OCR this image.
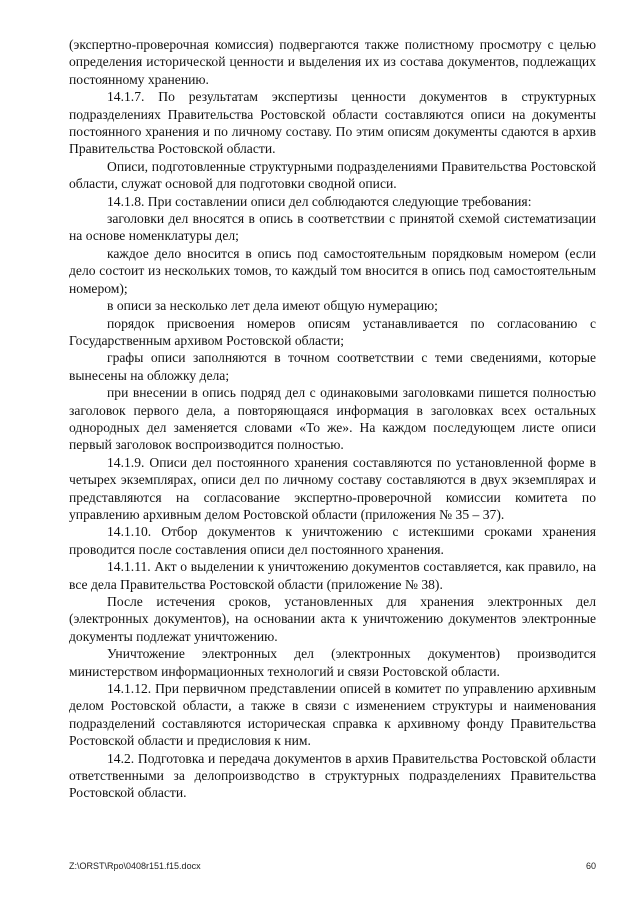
(экспертно-проверочная комиссия) подвергаются также полистному просмотру с целью определения исторической ценности и выделения их из состава документов, подлежащих постоянному хранению.

14.1.7. По результатам экспертизы ценности документов в структурных подразделениях Правительства Ростовской области составляются описи на документы постоянного хранения и по личному составу. По этим описям документы сдаются в архив Правительства Ростовской области.

Описи, подготовленные структурными подразделениями Правительства Ростовской области, служат основой для подготовки сводной описи.

14.1.8. При составлении описи дел соблюдаются следующие требования:

заголовки дел вносятся в опись в соответствии с принятой схемой систематизации на основе номенклатуры дел;

каждое дело вносится в опись под самостоятельным порядковым номером (если дело состоит из нескольких томов, то каждый том вносится в опись под самостоятельным номером);

в описи за несколько лет дела имеют общую нумерацию;

порядок присвоения номеров описям устанавливается по согласованию с Государственным архивом Ростовской области;

графы описи заполняются в точном соответствии с теми сведениями, которые вынесены на обложку дела;

при внесении в опись подряд дел с одинаковыми заголовками пишется полностью заголовок первого дела, а повторяющаяся информация в заголовках всех остальных однородных дел заменяется словами «То же». На каждом последующем листе описи первый заголовок воспроизводится полностью.

14.1.9. Описи дел постоянного хранения составляются по установленной форме в четырех экземплярах, описи дел по личному составу составляются в двух экземплярах и представляются на согласование экспертно-проверочной комиссии комитета по управлению архивным делом Ростовской области (приложения № 35 – 37).

14.1.10. Отбор документов к уничтожению с истекшими сроками хранения проводится после составления описи дел постоянного хранения.

14.1.11. Акт о выделении к уничтожению документов составляется, как правило, на все дела Правительства Ростовской области (приложение № 38).

После истечения сроков, установленных для хранения электронных дел (электронных документов), на основании акта к уничтожению документов электронные документы подлежат уничтожению.

Уничтожение электронных дел (электронных документов) производится министерством информационных технологий и связи Ростовской области.

14.1.12. При первичном представлении описей в комитет по управлению архивным делом Ростовской области, а также в связи с изменением структуры и наименования подразделений составляются историческая справка к архивному фонду Правительства Ростовской области и предисловия к ним.

14.2. Подготовка и передача документов в архив Правительства Ростовской области ответственными за делопроизводство в структурных подразделениях Правительства Ростовской области.

Z:\ORST\Rpo\0408r151.f15.docx	60
